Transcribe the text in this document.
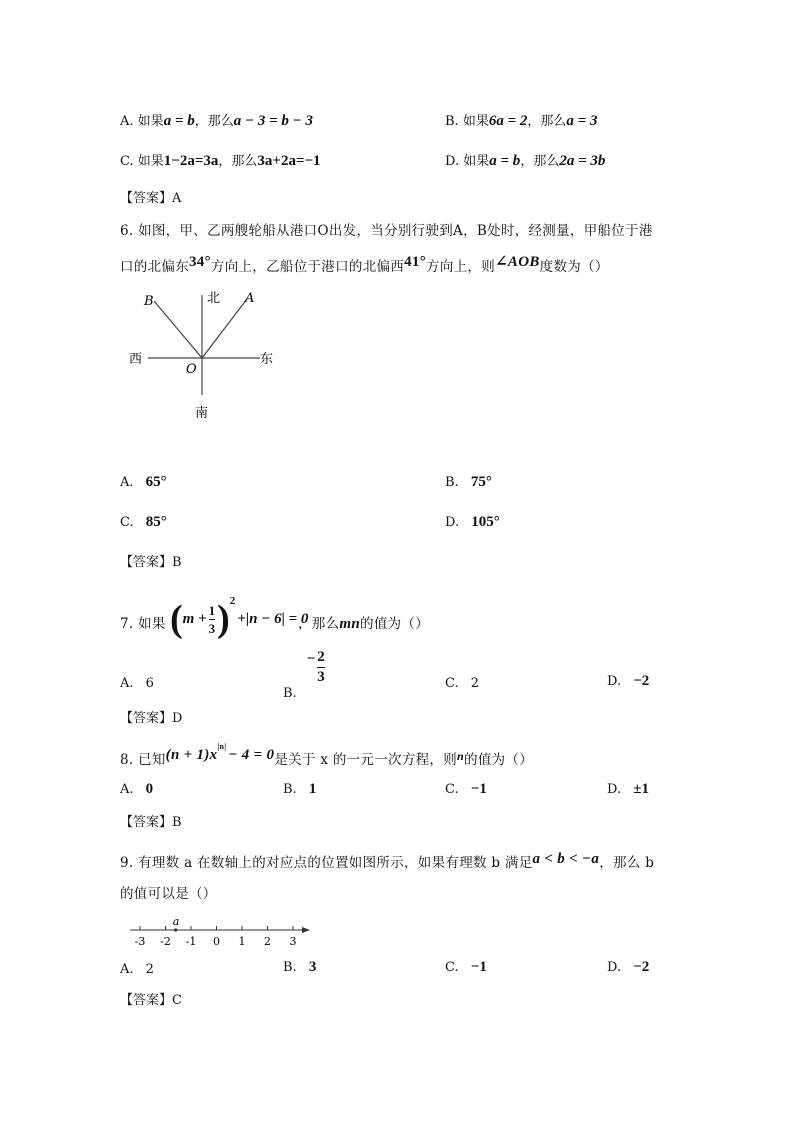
A. 如果a = b，那么a − 3 = b − 3	B. 如果6a = 2，那么a = 3
C. 如果1−2a=3a，那么3a+2a=−1	D. 如果a = b，那么2a = 3b
【答案】A
6. 如图，甲、乙两艘轮船从港口O出发，当分别行驶到A，B处时，经测量，甲船位于港
口的北偏东34°方向上，乙船位于港口的北偏西41°方向上，则∠AOB度数为（）
北
南
东
西
O
A
B
A. 65°	B. 75°
C. 85°	D. 105°
【答案】B
7. 如果 ( $m + \frac{1}{3}$ ) 2
+|n − 6| = 0
，那么mn的值为（）
A. 6
B.
− $\frac{2}{3}$	C. 2	D. −2
【答案】D
8. 已知$(n + 1)x^{|n|}- 4 = 0$是关于 x 的一元一次方程，则n的值为（）
A. 0	B. 1	C. −1	D. ±1
【答案】B
9. 有理数 a 在数轴上的对应点的位置如图所示，如果有理数 b 满足a < b < −a，那么 b
的值可以是（）
-3 -2 -1 0 1 2 3
a
A. 2	B. 3	C. −1	D. −2
【答案】C
